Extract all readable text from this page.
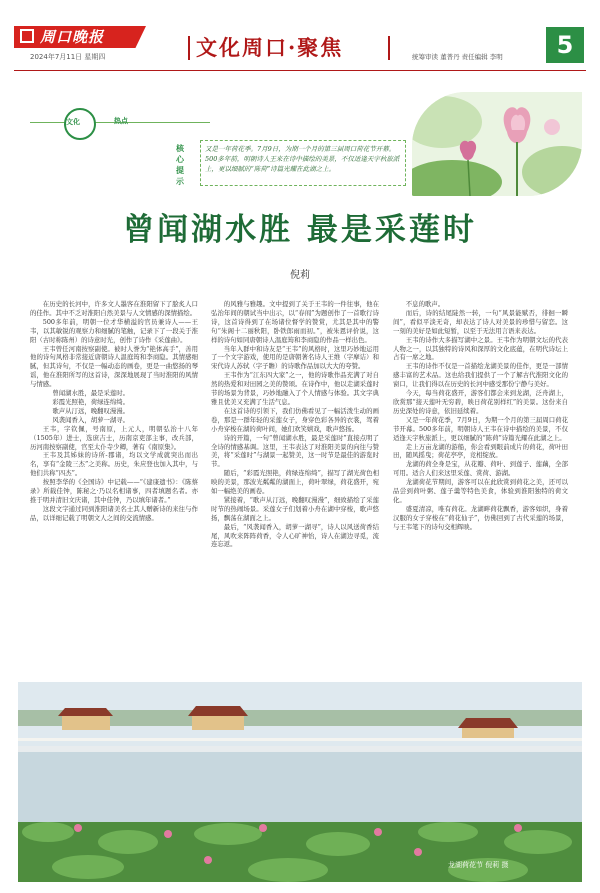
周口晚报
2024年7月11日 星期四	文化周口·聚焦	统筹审读 董普丹 责任编辑 李明	5
文化	热点
核心提示
又是一年荷花季。7月9日，为期一个月的第三届周口荷花节开幕。500多年前，明朝诗人王来在诗中描绘的美景，不仅适逢天宇秋旅派上，更以细腻的“陈荷”诗篇光耀在此湖之上。
曾闻湖水胜 最是采莲时
倪莉

在历史的长河中，许多文人墨客在淮阳留下了脍炙人口的佳作。其中不乏对淮阳自然美景与人文情感的深情描绘。

500多年前，明朝一位才华横溢的官员兼诗人——王韦，以其敏锐的观察力和细腻的笔触，记录下了一段关于淮阳（古时称陈州）的诗意时光，创作了诗作《采莲曲》。

王韦曾任河南按察副使。被时人誉为“艳体高手”，善用他的诗句风格非常接近唐朝诗人温庭筠和李商隐。其情感细腻，但其诗句，不仅是一幅动态的画卷，更是一曲悠扬的琴谣，他在淮阳所写的这首诗，深深地展现了当时淮阳的风情与情感。

曾闻湖水胜，最是采莲时。

彩霞光照艳，荷绿连绵绮。

歌声从汀远，晚翻叹漫漫。

风袭闻香入，胡萝一湖寻。

王韦，字钦佩，号南原，上元人，明朝弘治十八年（1505年）进士，选庶吉士，历南京吏部主事，改兵部，历河南按察副使，官至太仆寺少卿，著有《南原集》。

王韦及其姊妹的诗所-郡诸，均以文学成就突出而出名，享有“金陵三杰”之美称。历史，朱应登也加入其中，与他们共称“四杰”。

按照李华的《全国诗》中记载——“《建康遗书》：《陈蔡录》所载佳钟，陈秘之·乃以名相诸事，四者填题名者。亦推于明并清旧文庆诸，其中佳钟，乃以填年诸者。”

这段文字通过同到淮阳诸美名士其人赠新诗的来往与作品，以详细记载了明朝文人之间的交流情感。

的风雅与雅趣。文中提到了关于王韦的一件往事，他在弘治年间的朝试当中出示，以“春闱”为题创作了一首歌行诗诗，这首诗得到了在场诸位督学的赞赏，尤其是其中的警句“朱阁十二丽秋阳，卧铁郎雨而初。”，被朱恩评价说，这样的诗句如同唐朝诗人温庭筠和李商隐的作品一样出色。

当年入群中和诗友是“王韦”的风格时，这里巧妙地运用了一个文字游戏，使用的是唐朝著名诗人王维（字摩诘）和宋代诗人苏轼（字子瞻）的诗歌作品加以大大的夸赞。

王韦作为“江东四大家”之一，他的诗歌作品充满了对自然的热爱和对田园之美的赞颂。在诗作中，他以走湖采莲时节的场景为背景，巧妙地融入了个人情感与体验。其文字典雅且优美又充满了生活气息。

在这首诗的引领下，我们仿佛看见了一幅活泼生动的画卷，那是一群年轻的采莲女子，身穿色彩各异的衣裳，驾着小舟穿梭在湖的荷叶间，她们欢笑嬉戏，歌声悠扬。

诗的开篇，一句“曾闻湖水胜，最是采莲时”直接点明了全诗的情感基调。这里，王韦表达了对淮阳美景的向往与赞美，将“采莲时”与湖景一起赞美，这一时节是最佳的游览时节。

随后，“彩霞光照艳，荷绿连绵绮”，描写了湖光荷色相映的美景，那波光粼粼的湖面上，荷叶翠绿，荷花盛开，宛如一幅绝美的画卷。

紧接着，“歌声从汀远，晚翻叹漫漫”，细致描绘了采莲时节的热闹场景。采莲女子们划着小舟在湖中穿梭，歌声悠扬，飘荡在湖面之上。

最后，“风袭闻香入，胡萝一湖寻”，诗人以风送荷香结尾，风吹来阵阵荷香，令人心旷神怡，诗人在湖边寻觅，流连忘返。

不息的歌声。

而后，诗的结尾陡然一转，一句“风景能赋否，徘徊一瞬间”，看似平淡无奇，却表达了诗人对美景的珍惜与留恋。这一刻的美好是如此短暂，以至于无法用言语来表达。

王韦的诗作大多描写湖中之景。王韦作为明朝文坛的代表人物之一，以其独特的诗风和深厚的文化底蕴，在明代诗坛上占有一席之地。

王韦的诗作不仅是一首描绘龙湖美景的佳作，更是一部情感丰富的艺术品。这也给我们提供了一个了解古代淮阳文化的窗口，让我们得以在历史的长河中感受那份宁静与美好。

今天，每当荷花盛开，游客们都会来到龙湖，泛舟湖上，欣赏那“接天莲叶无穷碧，映日荷花别样红”的美景。这份来自历史深处的诗意，依旧延续着。

又是一年荷花季，7月9日，为期一个月的第三届周口荷花节开幕。500多年前，明朝诗人王韦在诗中描绘的美景，不仅适逢天宇秋旅派上，更以细腻的“陈荷”诗篇光耀在此湖之上。

走上万亩龙湖的游船，你会看到眼前成片的荷花，荷叶田田，随风摇曳；荷花亭亭，竞相绽放。

龙湖的荷全身是宝，从花瓣、荷叶、到莲子、莲藕，全部可用。适合人们来这里采莲、赏荷、游湖。

龙湖荷花节期间，游客可以在此欣赏到荷花之美，还可以品尝到荷叶粥、莲子羹等特色美食，体验到淮阳独特的荷文化。

盛夏清凉，唯有荷花。龙湖畔荷花飘香，游客如织，身着汉服的女子穿梭在“荷花仙子”，仿佛回到了古代采莲的场景，与王韦笔下的诗句交相辉映。

龙湖荷花节 倪莉 摄
